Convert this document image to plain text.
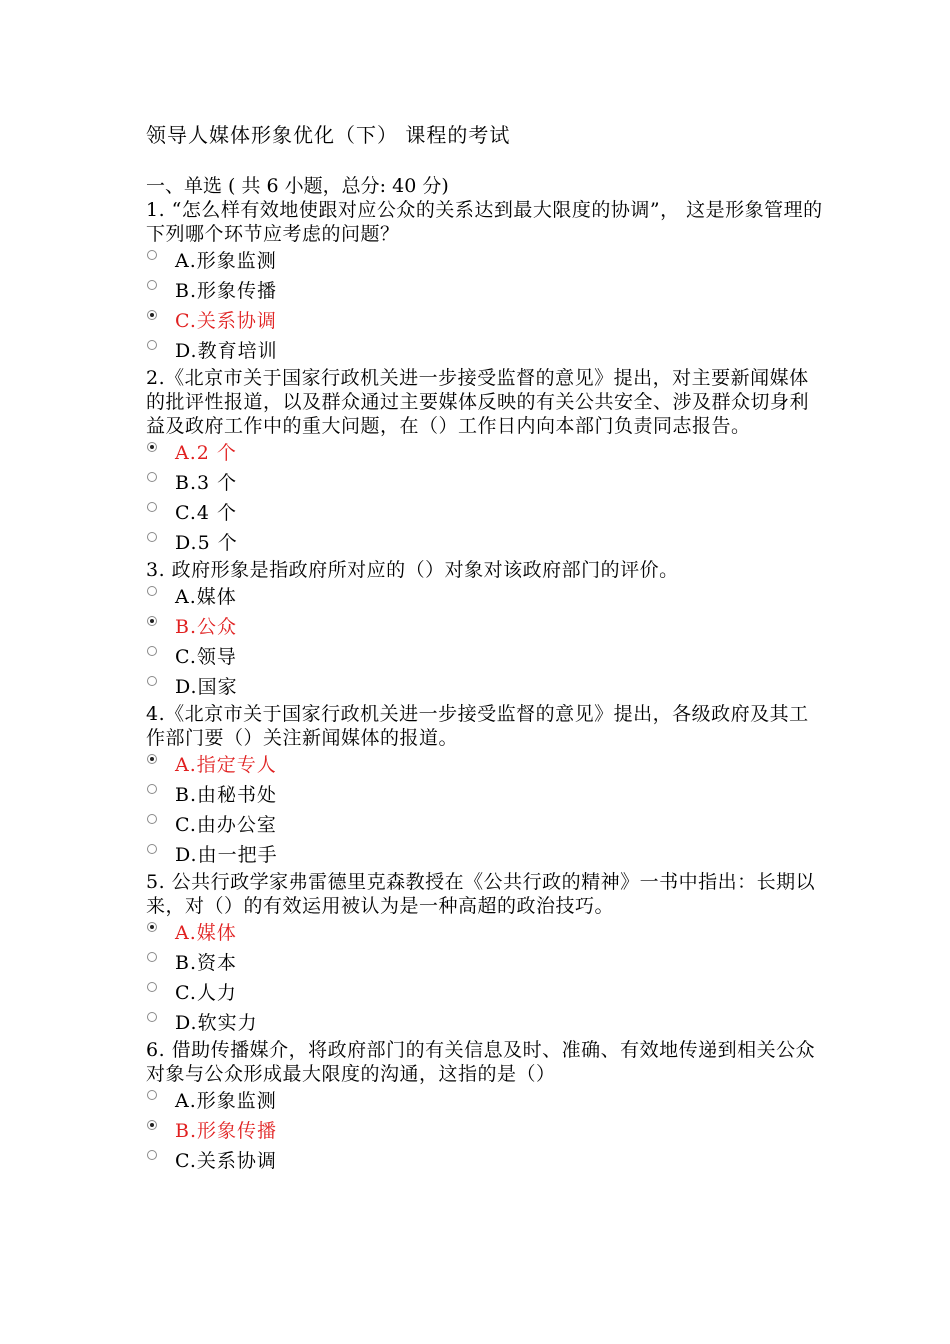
领导人媒体形象优化（下） 课程的考试
一、单选 ( 共 6 小题，总分: 40 分)
1. “怎么样有效地使跟对应公众的关系达到最大限度的协调”， 这是形象管理的下列哪个环节应考虑的问题？
A.形象监测
B.形象传播
C.关系协调
D.教育培训
2.《北京市关于国家行政机关进一步接受监督的意见》提出，对主要新闻媒体的批评性报道，以及群众通过主要媒体反映的有关公共安全、涉及群众切身利益及政府工作中的重大问题，在（）工作日内向本部门负责同志报告。
A.2 个
B.3 个
C.4 个
D.5 个
3. 政府形象是指政府所对应的（）对象对该政府部门的评价。
A.媒体
B.公众
C.领导
D.国家
4.《北京市关于国家行政机关进一步接受监督的意见》提出，各级政府及其工作部门要（）关注新闻媒体的报道。
A.指定专人
B.由秘书处
C.由办公室
D.由一把手
5. 公共行政学家弗雷德里克森教授在《公共行政的精神》一书中指出：长期以来，对（）的有效运用被认为是一种高超的政治技巧。
A.媒体
B.资本
C.人力
D.软实力
6. 借助传播媒介，将政府部门的有关信息及时、准确、有效地传递到相关公众对象与公众形成最大限度的沟通，这指的是（）
A.形象监测
B.形象传播
C.关系协调
